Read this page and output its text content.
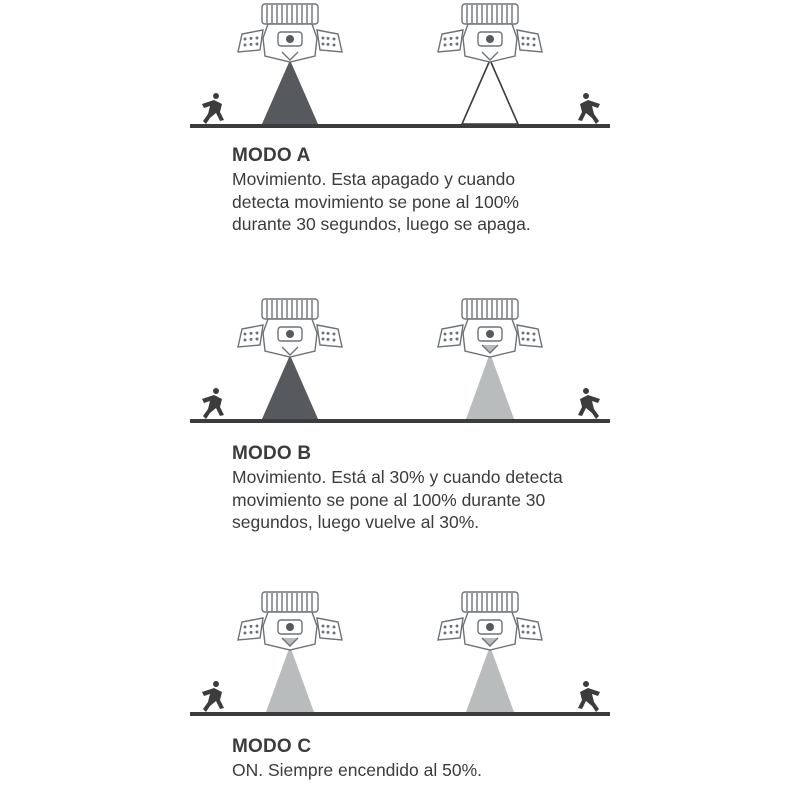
MODO A
Movimiento. Esta apagado y cuando detecta movimiento se pone al 100% durante 30 segundos, luego se apaga.
MODO B
Movimiento. Está al 30% y cuando detecta movimiento se pone al 100% durante 30 segundos, luego vuelve al 30%.
MODO C
ON. Siempre encendido al 50%.
